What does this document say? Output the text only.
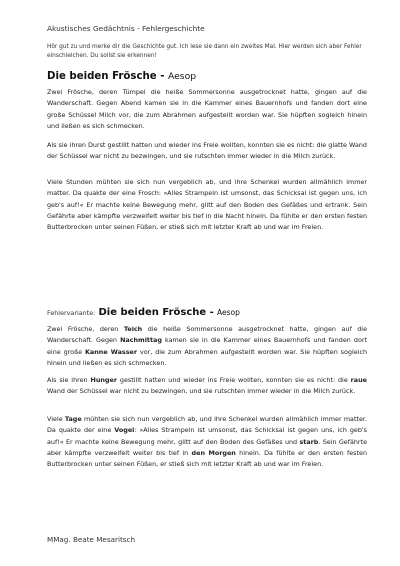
Akustisches Gedächtnis - Fehlergeschichte
Hör gut zu und merke dir die Geschichte gut. Ich lese sie dann ein zweites Mal. Hier werden sich aber Fehler einschleichen. Du sollst sie erkennen!
Die beiden Frösche - Aesop

Zwei Frösche, deren Tümpel die heiße Sommersonne ausgetrocknet hatte, gingen auf die Wanderschaft. Gegen Abend kamen sie in die Kammer eines Bauernhofs und fanden dort eine große Schüssel Milch vor, die zum Abrahmen aufgestellt worden war. Sie hüpften sogleich hinein und ließen es sich schmecken.

Als sie ihren Durst gestillt hatten und wieder ins Freie wollten, konnten sie es nicht: die glatte Wand der Schüssel war nicht zu bezwingen, und sie rutschten immer wieder in die Milch zurück.

Viele Stunden mühten sie sich nun vergeblich ab, und ihre Schenkel wurden allmählich immer matter. Da quakte der eine Frosch: »Alles Strampeln ist umsonst, das Schicksal ist gegen uns, ich geb's auf!« Er machte keine Bewegung mehr, glitt auf den Boden des Gefäßes und ertrank. Sein Gefährte aber kämpfte verzweifelt weiter bis tief in die Nacht hinein. Da fühlte er den ersten festen Butterbrocken unter seinen Füßen, er stieß sich mit letzter Kraft ab und war im Freien.

Fehlervariante: Die beiden Frösche - Aesop

Zwei Frösche, deren Teich die heiße Sommersonne ausgetrocknet hatte, gingen auf die Wanderschaft. Gegen Nachmittag kamen sie in die Kammer eines Bauernhofs und fanden dort eine große Kanne Wasser vor, die zum Abrahmen aufgestellt worden war. Sie hüpften sogleich hinein und ließen es sich schmecken.

Als sie ihren Hunger gestillt hatten und wieder ins Freie wollten, konnten sie es nicht: die raue Wand der Schüssel war nicht zu bezwingen, und sie rutschten immer wieder in die Milch zurück.

Viele Tage mühten sie sich nun vergeblich ab, und ihre Schenkel wurden allmählich immer matter. Da quakte der eine Vogel: »Alles Strampeln ist umsonst, das Schicksal ist gegen uns, ich geb's auf!« Er machte keine Bewegung mehr, glitt auf den Boden des Gefäßes und starb. Sein Gefährte aber kämpfte verzweifelt weiter bis tief in den Morgen hinein. Da fühlte er den ersten festen Butterbrocken unter seinen Füßen, er stieß sich mit letzter Kraft ab und war im Freien.

MMag. Beate Mesaritsch
